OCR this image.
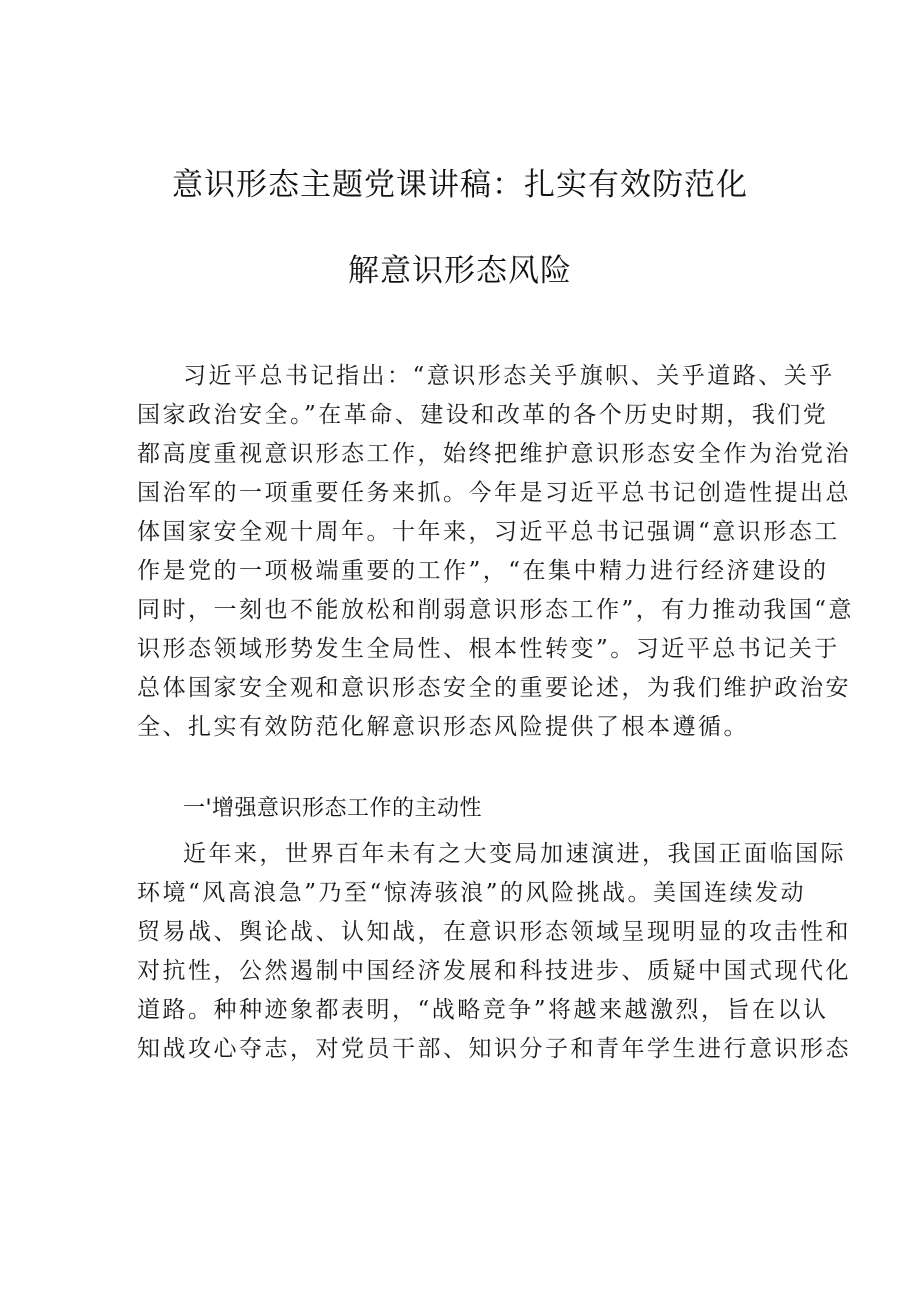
意识形态主题党课讲稿：扎实有效防范化
解意识形态风险
习近平总书记指出：“意识形态关乎旗帜、关乎道路、关乎
国家政治安全。”在革命、建设和改革的各个历史时期，我们党
都高度重视意识形态工作，始终把维护意识形态安全作为治党治
国治军的一项重要任务来抓。今年是习近平总书记创造性提出总
体国家安全观十周年。十年来，习近平总书记强调“意识形态工
作是党的一项极端重要的工作”，“在集中精力进行经济建设的
同时，一刻也不能放松和削弱意识形态工作”，有力推动我国“意
识形态领域形势发生全局性、根本性转变”。习近平总书记关于
总体国家安全观和意识形态安全的重要论述，为我们维护政治安
全、扎实有效防范化解意识形态风险提供了根本遵循。
一'增强意识形态工作的主动性
近年来，世界百年未有之大变局加速演进，我国正面临国际
环境“风高浪急”乃至“惊涛骇浪”的风险挑战。美国连续发动
贸易战、舆论战、认知战，在意识形态领域呈现明显的攻击性和
对抗性，公然遏制中国经济发展和科技进步、质疑中国式现代化
道路。种种迹象都表明，“战略竞争”将越来越激烈，旨在以认
知战攻心夺志，对党员干部、知识分子和青年学生进行意识形态
